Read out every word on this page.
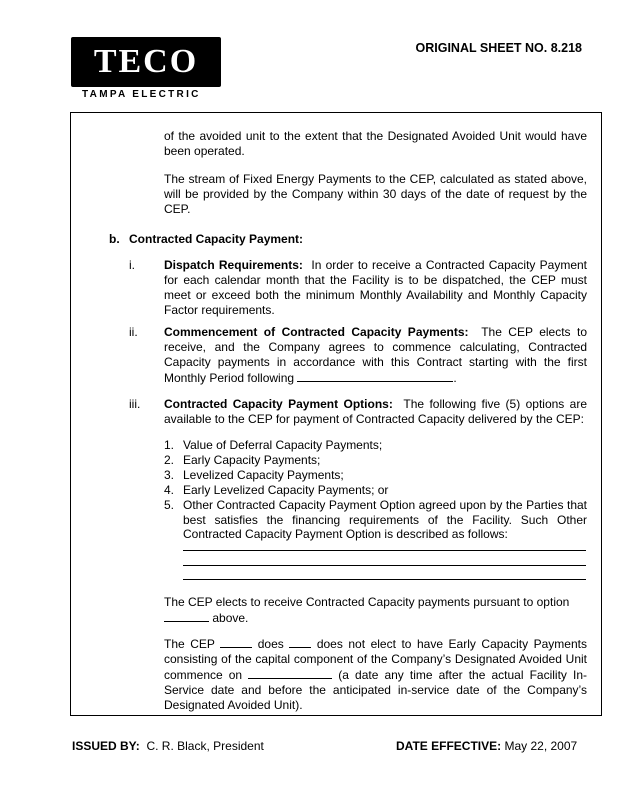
TECO
TAMPA ELECTRIC
ORIGINAL SHEET NO. 8.218
of the avoided unit to the extent that the Designated Avoided Unit would have been operated.
The stream of Fixed Energy Payments to the CEP, calculated as stated above, will be provided by the Company within 30 days of the date of request by the CEP.
b. Contracted Capacity Payment:
i. Dispatch Requirements: In order to receive a Contracted Capacity Payment for each calendar month that the Facility is to be dispatched, the CEP must meet or exceed both the minimum Monthly Availability and Monthly Capacity Factor requirements.
ii. Commencement of Contracted Capacity Payments: The CEP elects to receive, and the Company agrees to commence calculating, Contracted Capacity payments in accordance with this Contract starting with the first Monthly Period following	.
iii. Contracted Capacity Payment Options: The following five (5) options are available to the CEP for payment of Contracted Capacity delivered by the CEP:
1. Value of Deferral Capacity Payments;
2. Early Capacity Payments;
3. Levelized Capacity Payments;
4. Early Levelized Capacity Payments; or
5. Other Contracted Capacity Payment Option agreed upon by the Parties that best satisfies the financing requirements of the Facility. Such Other Contracted Capacity Payment Option is described as follows:
The CEP elects to receive Contracted Capacity payments pursuant to option
above.
The CEP	does	does not elect to have Early Capacity Payments consisting of the capital component of the Company’s Designated Avoided Unit commence on	(a date any time after the actual Facility In-Service date and before the anticipated in-service date of the Company’s Designated Avoided Unit).
ISSUED BY: C. R. Black, President	DATE EFFECTIVE: May 22, 2007
